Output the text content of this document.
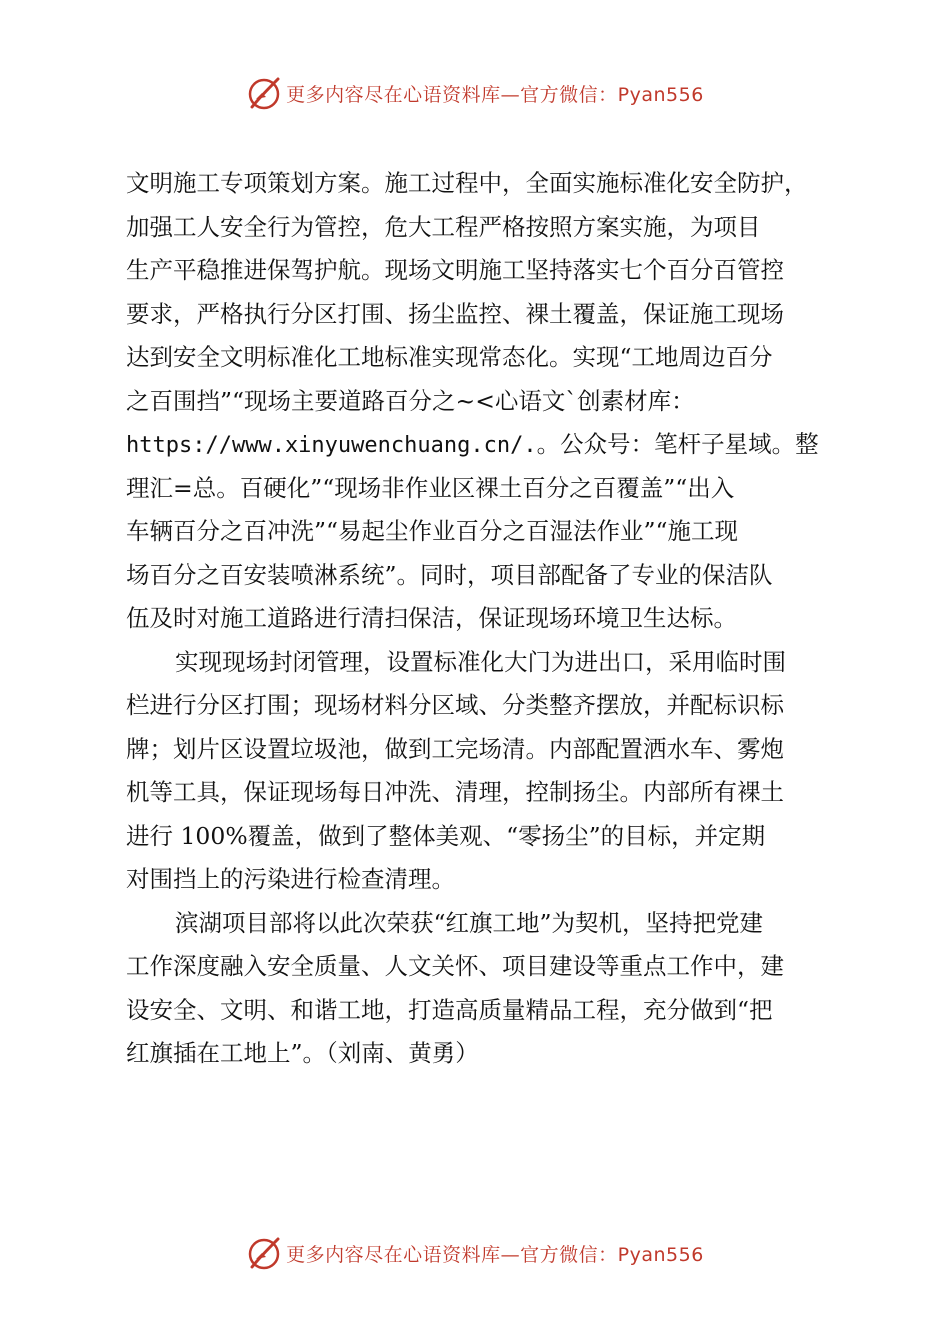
更多内容尽在心语资料库—官方微信：Pyan556
文明施工专项策划方案。施工过程中，全面实施标准化安全防护，
加强工人安全行为管控，危大工程严格按照方案实施，为项目
生产平稳推进保驾护航。现场文明施工坚持落实七个百分百管控
要求，严格执行分区打围、扬尘监控、裸土覆盖，保证施工现场
达到安全文明标准化工地标准实现常态化。实现“工地周边百分
之百围挡”“现场主要道路百分之~<心语文`创素材库：
https://www.xinyuwenchuang.cn/.。公众号：笔杆子星域。整
理汇=总。百硬化”“现场非作业区裸土百分之百覆盖”“出入
车辆百分之百冲洗”“易起尘作业百分之百湿法作业”“施工现
场百分之百安装喷淋系统”。同时，项目部配备了专业的保洁队
伍及时对施工道路进行清扫保洁，保证现场环境卫生达标。
实现现场封闭管理，设置标准化大门为进出口，采用临时围
栏进行分区打围；现场材料分区域、分类整齐摆放，并配标识标
牌；划片区设置垃圾池，做到工完场清。内部配置洒水车、雾炮
机等工具，保证现场每日冲洗、清理，控制扬尘。内部所有裸土
进行 100%覆盖，做到了整体美观、“零扬尘”的目标，并定期
对围挡上的污染进行检查清理。
滨湖项目部将以此次荣获“红旗工地”为契机，坚持把党建
工作深度融入安全质量、人文关怀、项目建设等重点工作中，建
设安全、文明、和谐工地，打造高质量精品工程，充分做到“把
红旗插在工地上”。（刘南、黄勇）
更多内容尽在心语资料库—官方微信：Pyan556
